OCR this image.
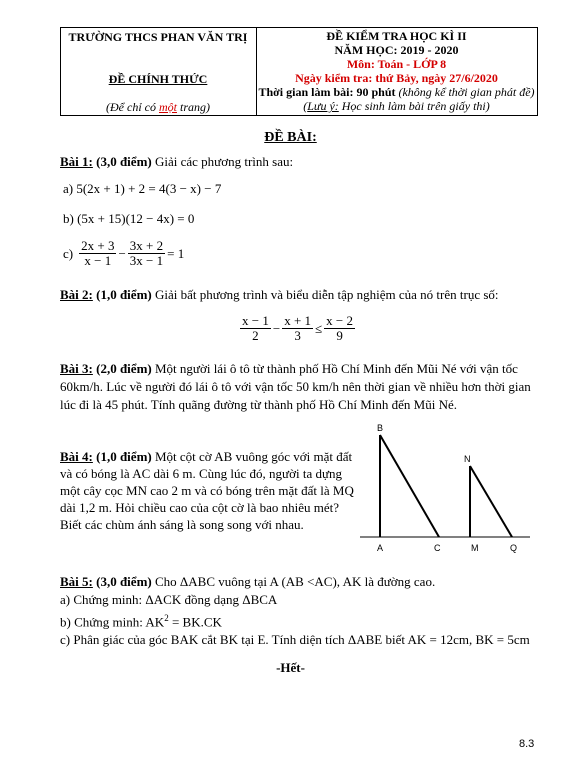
TRƯỜNG THCS PHAN VĂN TRỊ
ĐỀ CHÍNH THỨC
(Để chỉ có một trang)
ĐỀ KIỂM TRA HỌC KÌ II
NĂM HỌC: 2019 - 2020
Môn: Toán - LỚP 8
Ngày kiểm tra: thứ Bảy, ngày 27/6/2020
Thời gian làm bài: 90 phút (không kể thời gian phát đề)
(Lưu ý: Học sinh làm bài trên giấy thi)
ĐỀ BÀI:
Bài 1: (3,0 điểm) Giải các phương trình sau:
a) 5(2x + 1) + 2 = 4(3 − x) − 7
b) (5x + 15)(12 − 4x) = 0
$c) \frac{2x + 3}{x - 1} - \frac{3x + 2}{3x - 1} = 1$
Bài 2: (1,0 điểm) Giải bất phương trình và biểu diễn tập nghiệm của nó trên trục số:
$\frac{x - 1}{2} - \frac{x + 1}{3} \le \frac{x - 2}{9}$
Bài 3: (2,0 điểm) Một người lái ô tô từ thành phố Hồ Chí Minh đến Mũi Né với vận tốc
60km/h. Lúc về người đó lái ô tô với vận tốc 50 km/h nên thời gian về nhiều hơn thời gian
lúc đi là 45 phút. Tính quãng đường từ thành phố Hồ Chí Minh đến Mũi Né.
Bài 4: (1,0 điểm) Một cột cờ AB vuông góc với mặt đất
và có bóng là AC dài 6 m. Cùng lúc đó, người ta dựng
một cây cọc MN cao 2 m và có bóng trên mặt đất là MQ
dài 1,2 m. Hỏi chiều cao của cột cờ là bao nhiêu mét?
Biết các chùm ánh sáng là song song với nhau.
B
N
A	C	M	Q
Bài 5: (3,0 điểm) Cho ΔABC vuông tại A (AB <AC), AK là đường cao.
a) Chứng minh: ΔACK đồng dạng ΔBCA
b) Chứng minh: $AK^2 = BK.CK$
c) Phân giác của góc BAK cắt BK tại E. Tính diện tích ΔABE biết AK = 12cm, BK = 5cm
-Hết-
8.3
